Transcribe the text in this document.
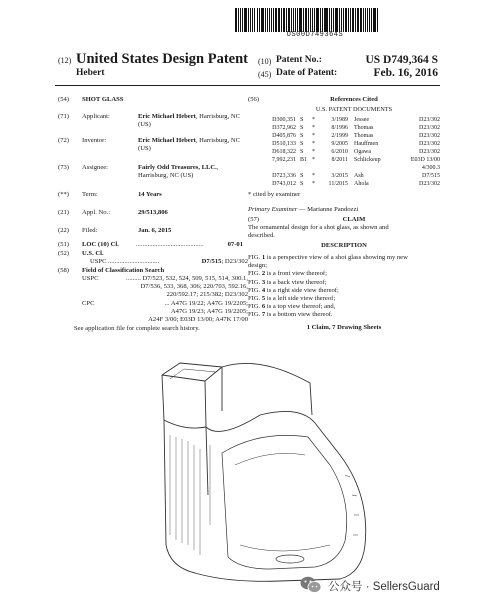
US00D749364S
(12) United States Design Patent
Hebert
(10) Patent No.:	US D749,364 S
(45) Date of Patent:	Feb. 16, 2016
(54)	SHOT GLASS
(71)	Applicant:	Eric Michael Hebert, Harrisburg, NC
(US)
(72)	Inventor:	Eric Michael Hebert, Harrisburg, NC
(US)
(73)	Assignee:	Fairly Odd Treasures, LLC.,
Harrisburg, NC (US)
(**)	Term:	14 Years
(21)	Appl. No.:	29/513,806
(22)	Filed:	Jan. 6, 2015
(51)	LOC (10) Cl.	.........................................	07-01
(52)	U.S. Cl.
USPC ...............................	D7/515; D23/302
(58)	Field of Classification Search
USPC	......... D7/523, 532, 524, 509, 515, 514, 300.1,
D7/536, 533, 368, 306; 220/703, 592.16,
220/592.17; 215/382; D23/302
CPC	... A47G 19/22; A47G 19/2205;
A47G 19/23; A47G 19/2205;
A24F 3/00; E03D 13/00; A47K 17/00
See application file for complete search history.
(56)	References Cited
U.S. PATENT DOCUMENTS
D300,351 S	*	3/1989 Jessee	D23/302
D372,962 S	*	8/1996 Thomas	D23/302
D405,876 S	*	2/1999 Thomas	D23/302
D510,133 S	*	9/2005 Hauffmen	D23/302
D618,322 S	*	6/2010 Ogawa	D23/302
7,992,231 B1 *	8/2011 Schlickeup	E03D 13/00
4/300.3
D723,336 S	*	3/2015 Ash	D7/515
D743,012 S	*	11/2015 Ahola	D23/302
* cited by examiner
Primary Examiner — Marianne Pandozzi
(57)	CLAIM
The ornamental design for a shot glass, as shown and
described.
DESCRIPTION
FIG. 1 is a perspective view of a shot glass showing my new
design;
FIG. 2 is a front view thereof;
FIG. 3 is a back view thereof;
FIG. 4 is a right side view thereof;
FIG. 5 is a left side view thereof;
FIG. 6 is a top view thereof; and,
FIG. 7 is a bottom view thereof.
1 Claim, 7 Drawing Sheets
公众号 · SellersGuard
